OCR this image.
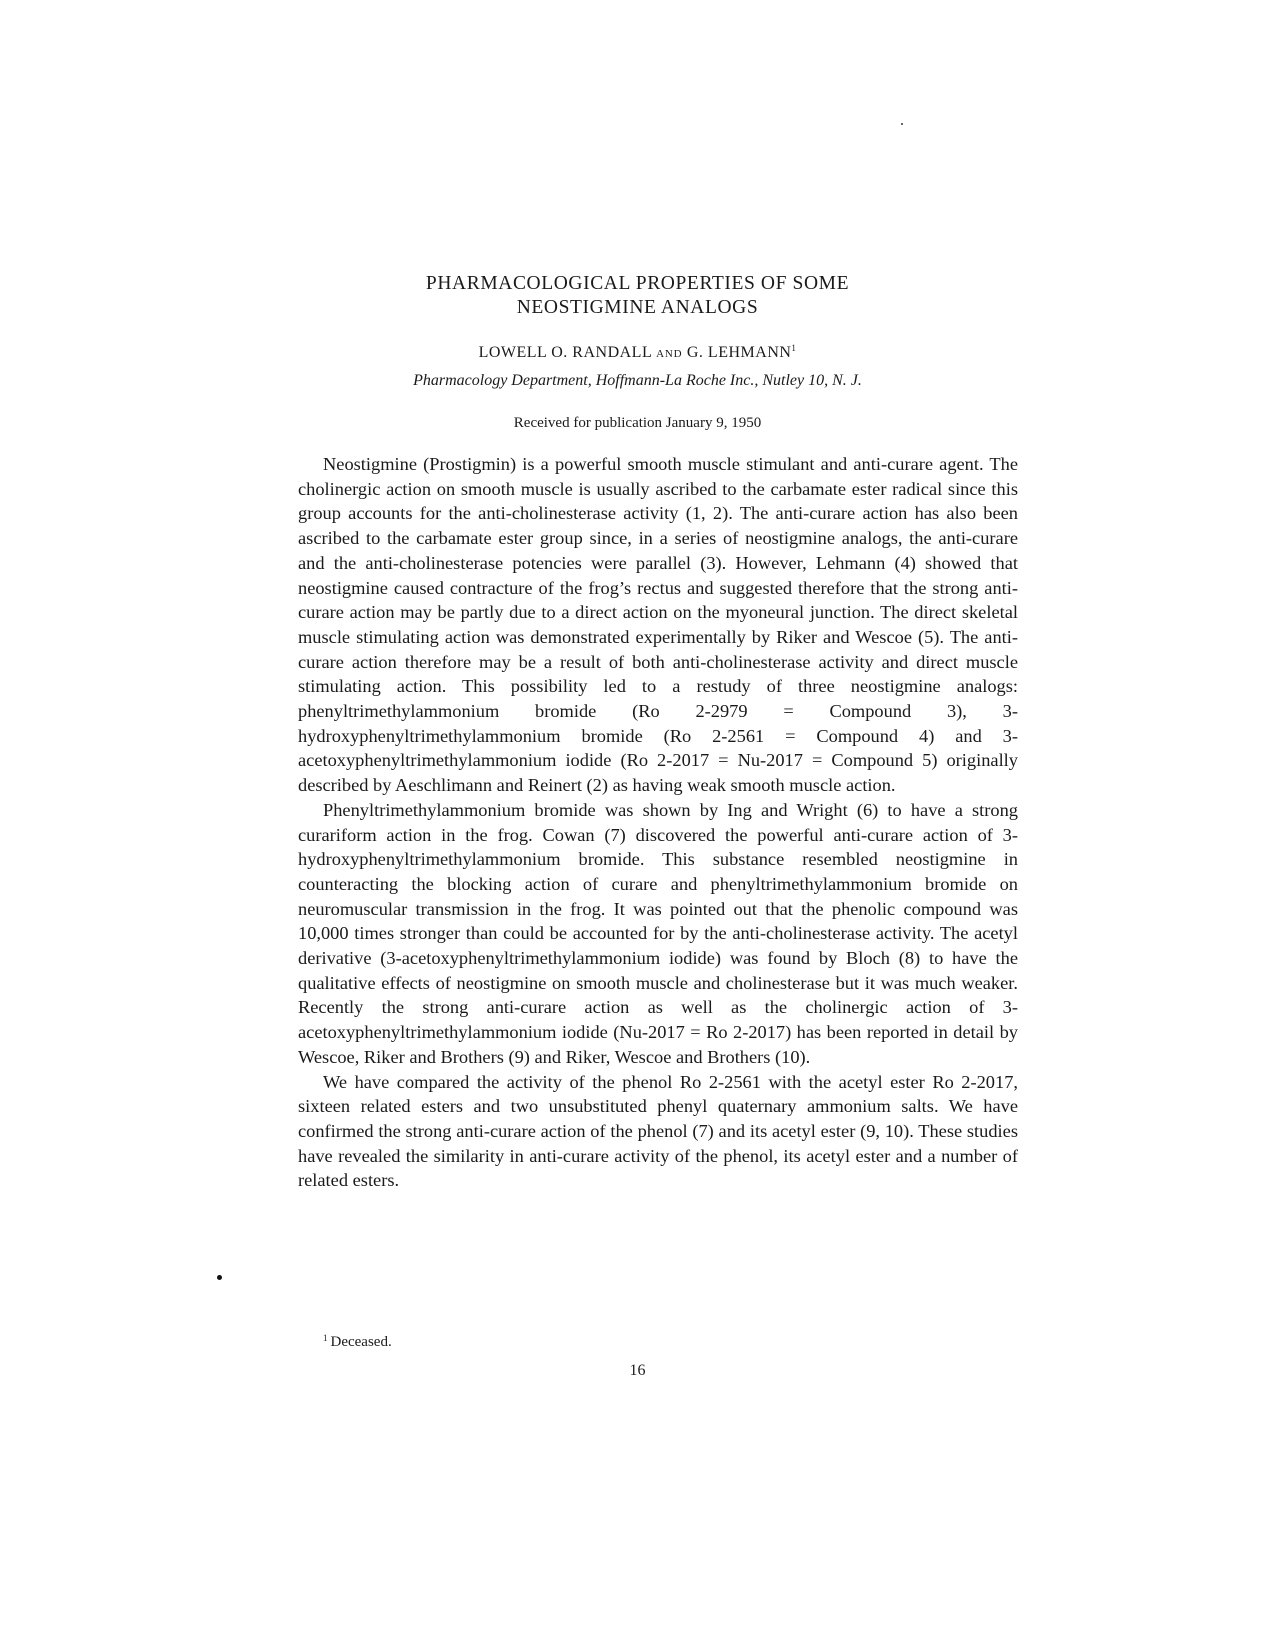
PHARMACOLOGICAL PROPERTIES OF SOME
NEOSTIGMINE ANALOGS

LOWELL O. RANDALL AND G. LEHMANN$^1$

Pharmacology Department, Hoffmann-La Roche Inc., Nutley 10, N. J.

Received for publication January 9, 1950

Neostigmine (Prostigmin) is a powerful smooth muscle stimulant and anti-curare agent. The cholinergic action on smooth muscle is usually ascribed to the carbamate ester radical since this group accounts for the anti-cholinesterase activity (1, 2). The anti-curare action has also been ascribed to the carbamate ester group since, in a series of neostigmine analogs, the anti-curare and the anti-cholinesterase potencies were parallel (3). However, Lehmann (4) showed that neostigmine caused contracture of the frog’s rectus and suggested therefore that the strong anti-curare action may be partly due to a direct action on the myoneural junction. The direct skeletal muscle stimulating action was demonstrated experimentally by Riker and Wescoe (5). The anti-curare action therefore may be a result of both anti-cholinesterase activity and direct muscle stimulating action. This possibility led to a restudy of three neostigmine analogs: phenyltrimethylammonium bromide (Ro 2-2979 = Compound 3), 3-hydroxyphenyltrimethylammonium bromide (Ro 2-2561 = Compound 4) and 3-acetoxyphenyltrimethylammonium iodide (Ro 2-2017 = Nu-2017 = Compound 5) originally described by Aeschlimann and Reinert (2) as having weak smooth muscle action.

Phenyltrimethylammonium bromide was shown by Ing and Wright (6) to have a strong curariform action in the frog. Cowan (7) discovered the powerful anti-curare action of 3-hydroxyphenyltrimethylammonium bromide. This substance resembled neostigmine in counteracting the blocking action of curare and phenyltrimethylammonium bromide on neuromuscular transmission in the frog. It was pointed out that the phenolic compound was 10,000 times stronger than could be accounted for by the anti-cholinesterase activity. The acetyl derivative (3-acetoxyphenyltrimethylammonium iodide) was found by Bloch (8) to have the qualitative effects of neostigmine on smooth muscle and cholinesterase but it was much weaker. Recently the strong anti-curare action as well as the cholinergic action of 3-acetoxyphenyltrimethylammonium iodide (Nu-2017 = Ro 2-2017) has been reported in detail by Wescoe, Riker and Brothers (9) and Riker, Wescoe and Brothers (10).

We have compared the activity of the phenol Ro 2-2561 with the acetyl ester Ro 2-2017, sixteen related esters and two unsubstituted phenyl quaternary ammonium salts. We have confirmed the strong anti-curare action of the phenol (7) and its acetyl ester (9, 10). These studies have revealed the similarity in anti-curare activity of the phenol, its acetyl ester and a number of related esters.

$^1$ Deceased.

16
